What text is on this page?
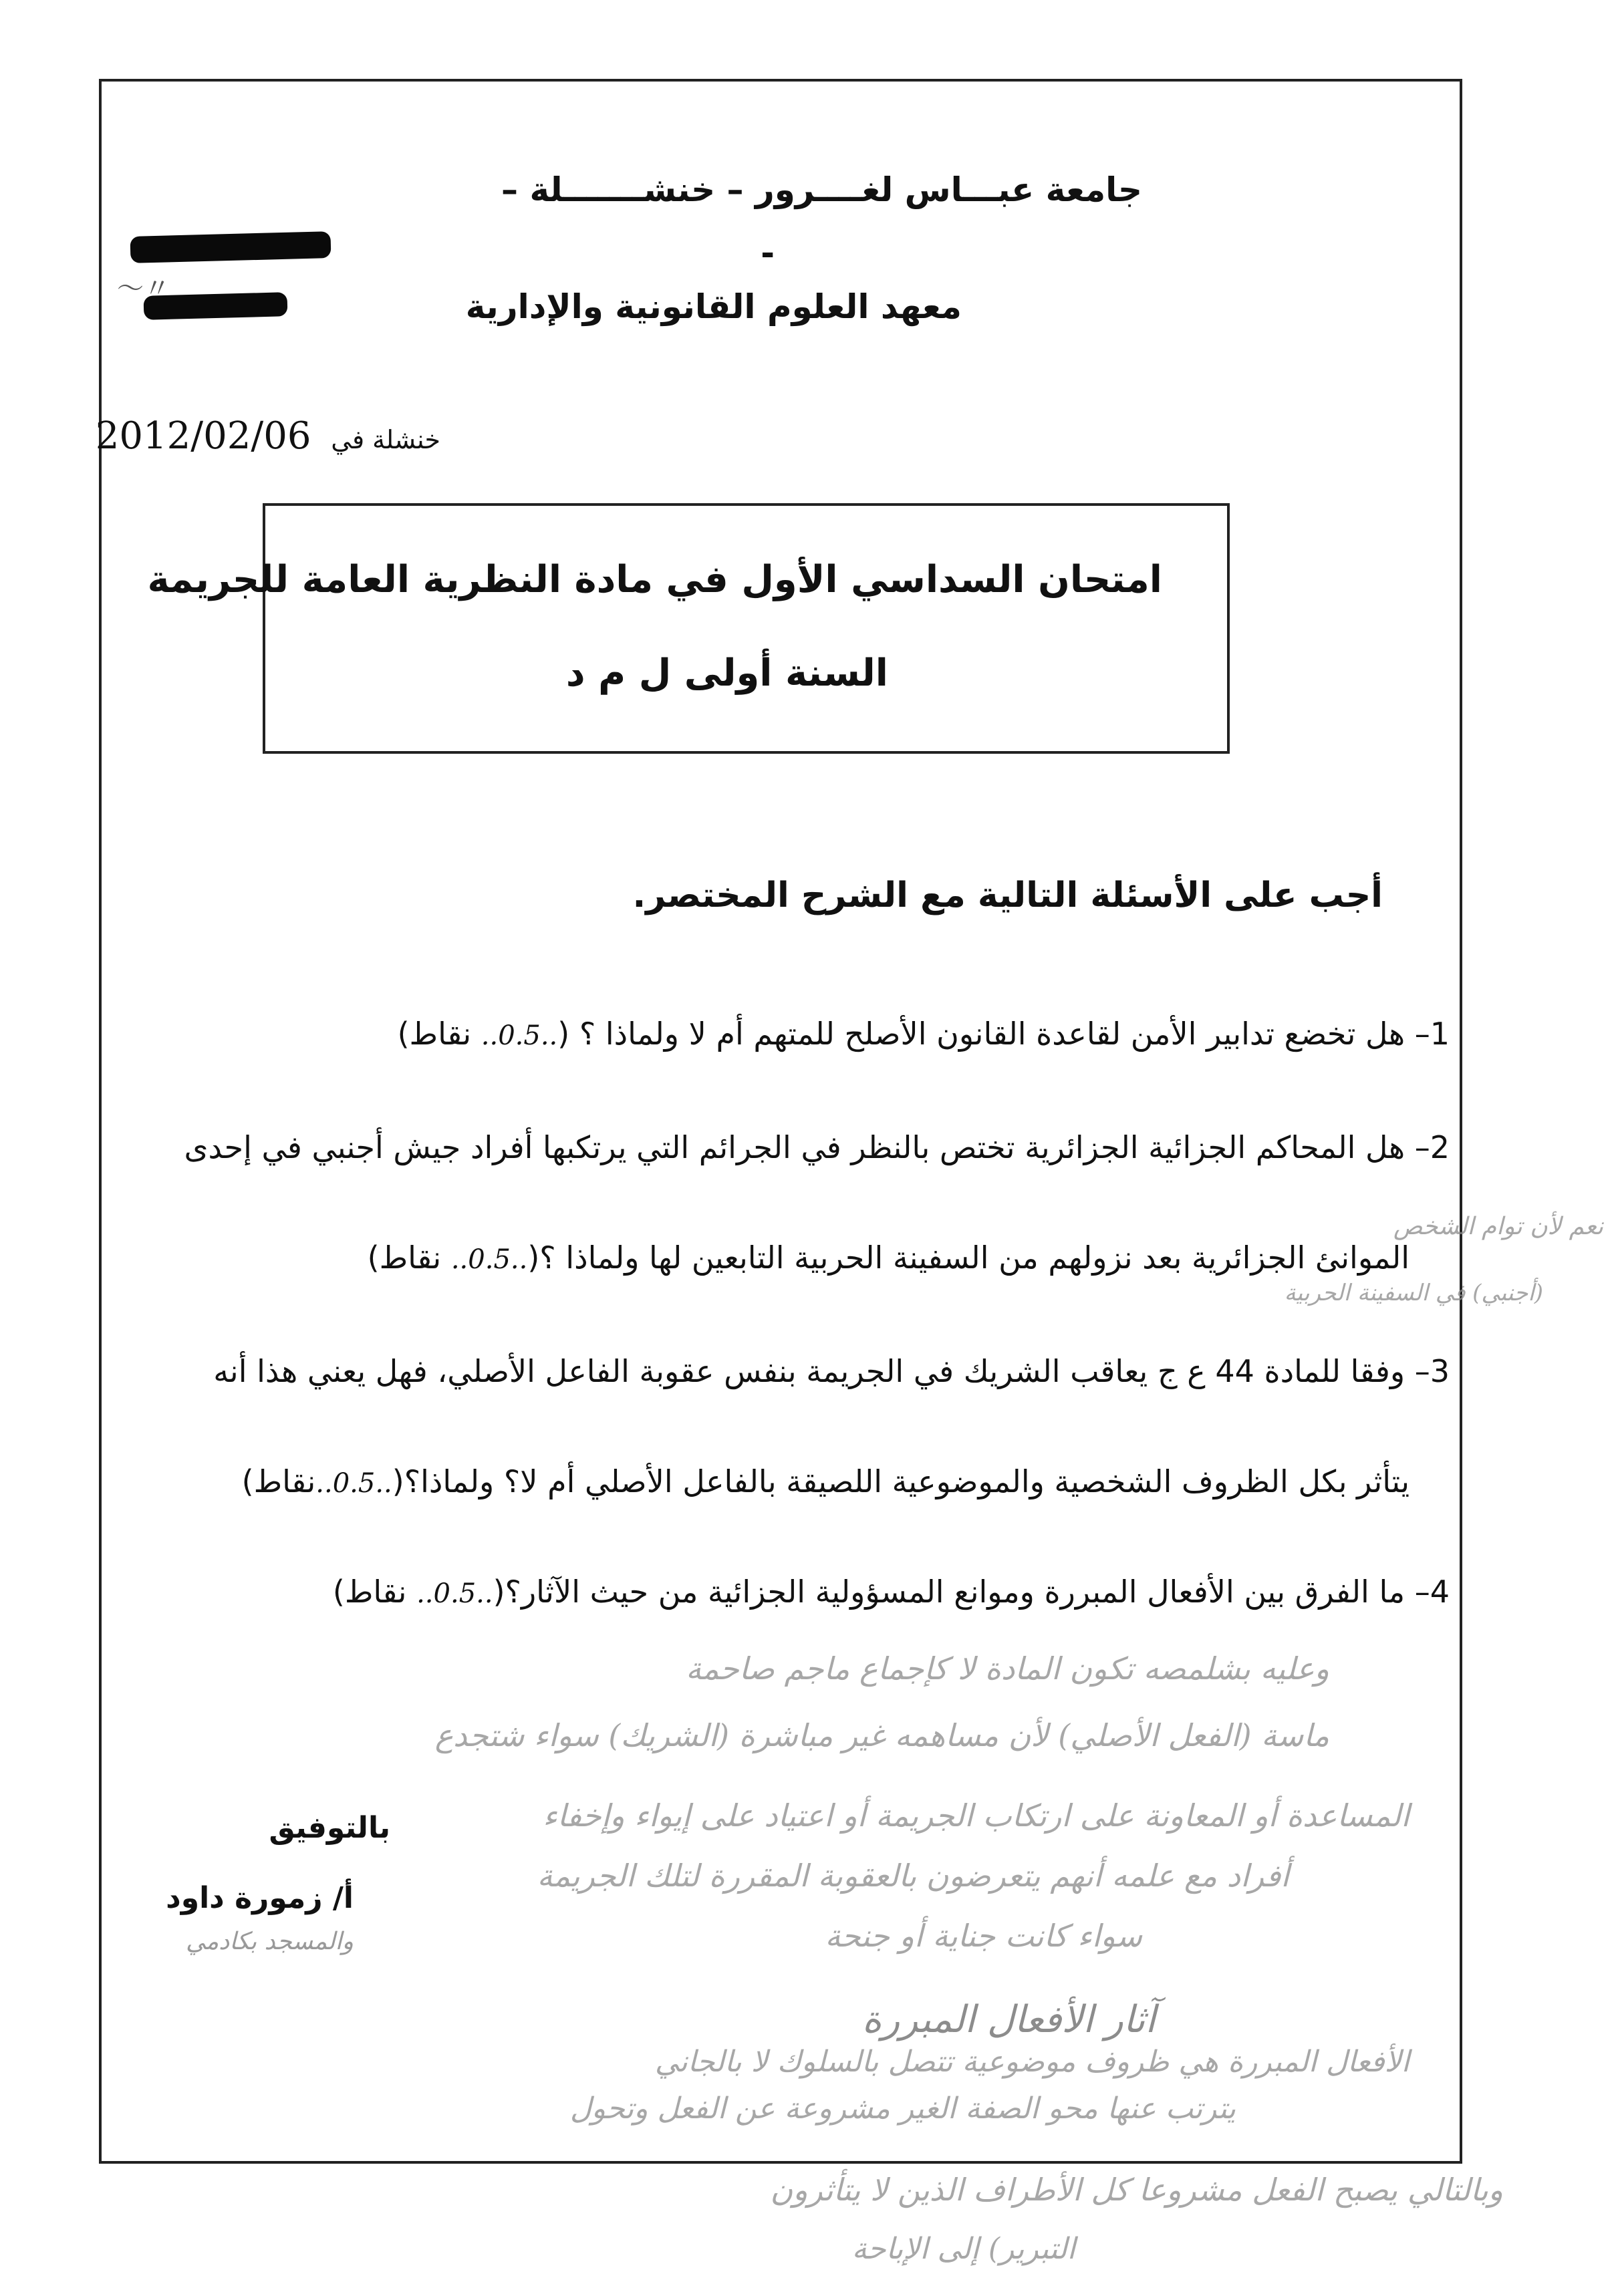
جامعة عبـــاس لغــــرور – خنشـــــــلة –
-
معهد العلوم القانونية والإدارية
〜〃
خنشلة في 2012/02/06
امتحان السداسي الأول في مادة النظرية العامة للجريمة
السنة أولى ل م د
أجب على الأسئلة التالية مع الشرح المختصر.
1– هل تخضع تدابير الأمن لقاعدة القانون الأصلح للمتهم أم لا ولماذا ؟ (..0.5.. نقاط)
2– هل المحاكم الجزائية الجزائرية تختص بالنظر في الجرائم التي يرتكبها أفراد جيش أجنبي في إحدى
الموانئ الجزائرية بعد نزولهم من السفينة الحربية التابعين لها ولماذا ؟(..0.5.. نقاط)
3– وفقا للمادة 44 ع ج يعاقب الشريك في الجريمة بنفس عقوبة الفاعل الأصلي، فهل يعني هذا أنه
يتأثر بكل الظروف الشخصية والموضوعية اللصيقة بالفاعل الأصلي أم لا؟ ولماذا؟(..0.5..نقاط)
4– ما الفرق بين الأفعال المبررة وموانع المسؤولية الجزائية من حيث الآثار؟(..0.5.. نقاط)
بالتوفيق
أ/ زمورة داود
والمسجد بكادمي
نعم لأن توام الشخص
(أجنبي) في السفينة الحربية
وعليه بشلمصه تكون المادة لا كإجماع ماجم صاحمة
ماسة (الفعل الأصلي) لأن مساهمه غير مباشرة (الشريك) سواء شتجدع
المساعدة أو المعاونة على ارتكاب الجريمة أو اعتياد على إيواء وإخفاء
أفراد مع علمه أنهم يتعرضون بالعقوبة المقررة لتلك الجريمة
سواء كانت جناية أو جنحة
آثار الأفعال المبررة
الأفعال المبررة هي ظروف موضوعية تتصل بالسلوك لا بالجاني
يترتب عنها محو الصفة الغير مشروعة عن الفعل وتحول
وبالتالي يصبح الفعل مشروعا كل الأطراف الذين لا يتأثرون
التبرير) إلى الإباحة
